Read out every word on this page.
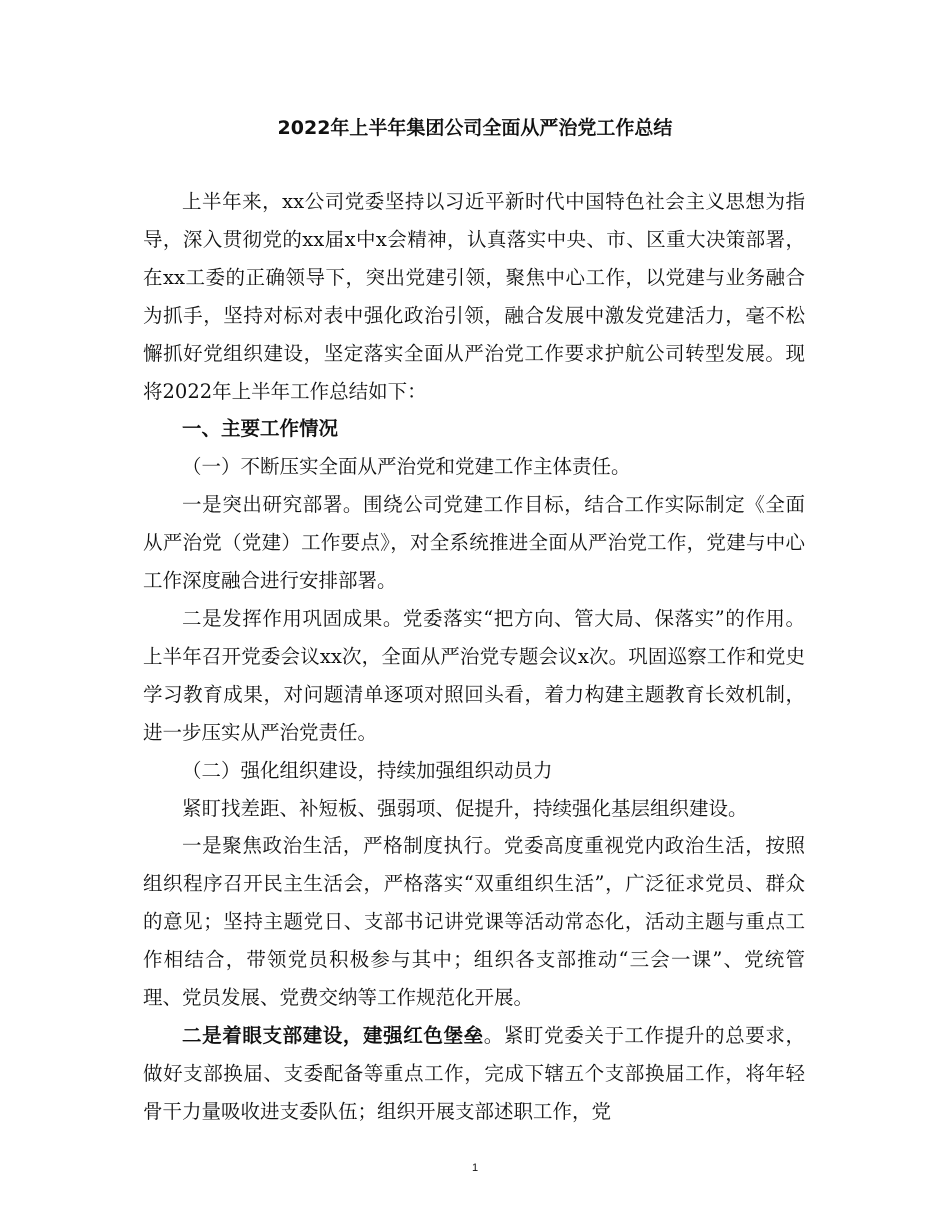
2022年上半年集团公司全面从严治党工作总结

上半年来，xx公司党委坚持以习近平新时代中国特色社会主义思想为指导，深入贯彻党的xx届x中x会精神，认真落实中央、市、区重大决策部署，在xx工委的正确领导下，突出党建引领，聚焦中心工作，以党建与业务融合为抓手，坚持对标对表中强化政治引领，融合发展中激发党建活力，毫不松懈抓好党组织建设，坚定落实全面从严治党工作要求护航公司转型发展。现将2022年上半年工作总结如下：

一、主要工作情况

（一）不断压实全面从严治党和党建工作主体责任。

一是突出研究部署。围绕公司党建工作目标，结合工作实际制定《全面从严治党（党建）工作要点》，对全系统推进全面从严治党工作，党建与中心工作深度融合进行安排部署。

二是发挥作用巩固成果。党委落实“把方向、管大局、保落实”的作用。上半年召开党委会议xx次，全面从严治党专题会议x次。巩固巡察工作和党史学习教育成果，对问题清单逐项对照回头看，着力构建主题教育长效机制，进一步压实从严治党责任。

（二）强化组织建设，持续加强组织动员力

紧盯找差距、补短板、强弱项、促提升，持续强化基层组织建设。

一是聚焦政治生活，严格制度执行。党委高度重视党内政治生活，按照组织程序召开民主生活会，严格落实“双重组织生活”，广泛征求党员、群众的意见；坚持主题党日、支部书记讲党课等活动常态化，活动主题与重点工作相结合，带领党员积极参与其中；组织各支部推动“三会一课”、党统管理、党员发展、党费交纳等工作规范化开展。

二是着眼支部建设，建强红色堡垒。紧盯党委关于工作提升的总要求，做好支部换届、支委配备等重点工作，完成下辖五个支部换届工作，将年轻骨干力量吸收进支委队伍；组织开展支部述职工作，党

1
